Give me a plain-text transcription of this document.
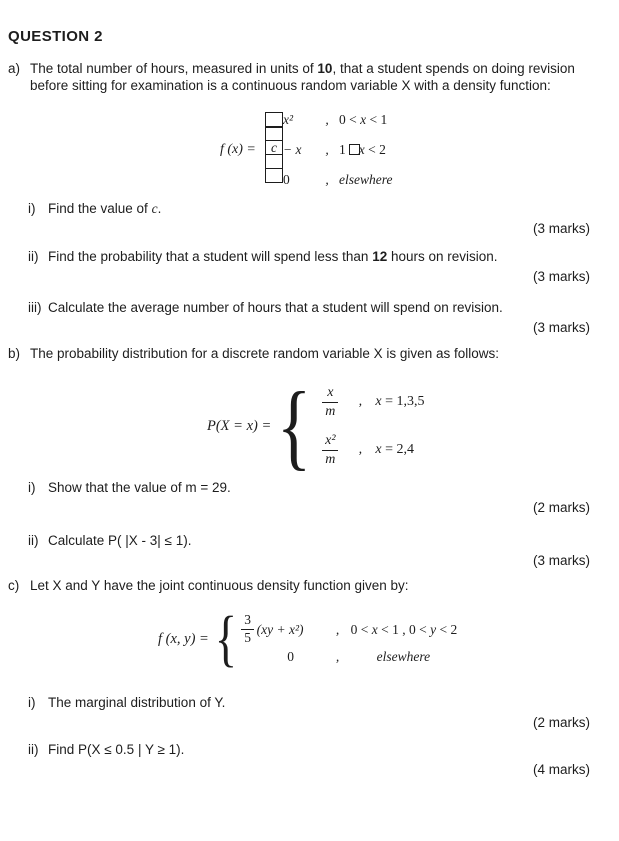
QUESTION 2
a) The total number of hours, measured in units of 10, that a student spends on doing revision
before sitting for examination is a continuous random variable X with a density function:
f (x) = c
x²	, 0 < x < 1
− x	, 1 x < 2
0	, elsewhere
i) Find the value of c.
(3 marks)
ii) Find the probability that a student will spend less than 12 hours on revision.
(3 marks)
iii) Calculate the average number of hours that a student will spend on revision.
(3 marks)
b) The probability distribution for a discrete random variable X is given as follows:
P(X = x) = { $\frac{x}{m}$ , x = 1,3,5
$\frac{\text{x²}}{m}$ , x = 2,4
i) Show that the value of m = 29.
(2 marks)
ii) Calculate P( |X - 3| ≤ 1).
(3 marks)
c) Let X and Y have the joint continuous density function given by:
f (x, y) = { $\frac{3}{5} (xy + x^2)$	, 0 < x < 1 , 0 < y < 2
0	,	elsewhere
i) The marginal distribution of Y.
(2 marks)
ii) Find P(X ≤ 0.5 | Y ≥ 1).
(4 marks)
